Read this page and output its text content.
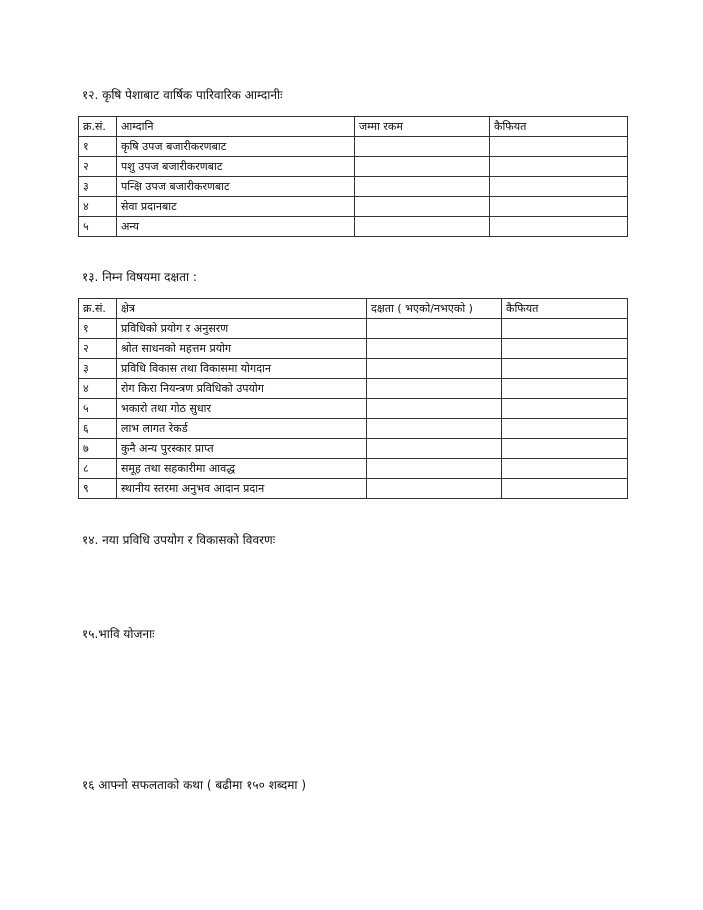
१२. कृषि पेशाबाट वार्षिक पारिवारिक आम्दानीः
क्र.सं.	आम्दानि	जम्मा रकम	कैफियत
१	कृषि उपज बजारीकरणबाट		
२	पशु उपज बजारीकरणबाट		
३	पन्क्षि उपज बजारीकरणबाट		
४	सेवा प्रदानबाट		
५	अन्य		
१३. निम्न विषयमा दक्षता :
क्र.सं.	क्षेत्र	दक्षता ( भएको/नभएको )	कैफियत
१	प्रविधिको प्रयोग र अनुसरण		
२	श्रोत साधनको महत्तम प्रयोग		
३	प्रविधि विकास तथा विकासमा योगदान		
४	रोग किरा नियन्त्रण प्रविधिको उपयोग		
५	भकारो तथा गोठ सुधार		
६	लाभ लागत रेकर्ड		
७	कुनै अन्य पुरस्कार प्राप्त		
८	समूह तथा सहकारीमा आवद्ध		
९	स्थानीय स्तरमा अनुभव आदान प्रदान		
१४. नया प्रविधि उपयोग र विकासको विवरणः
१५.भावि योजनाः
१६ आफ्नो सफलताको कथा ( बढीमा १५० शब्दमा )
